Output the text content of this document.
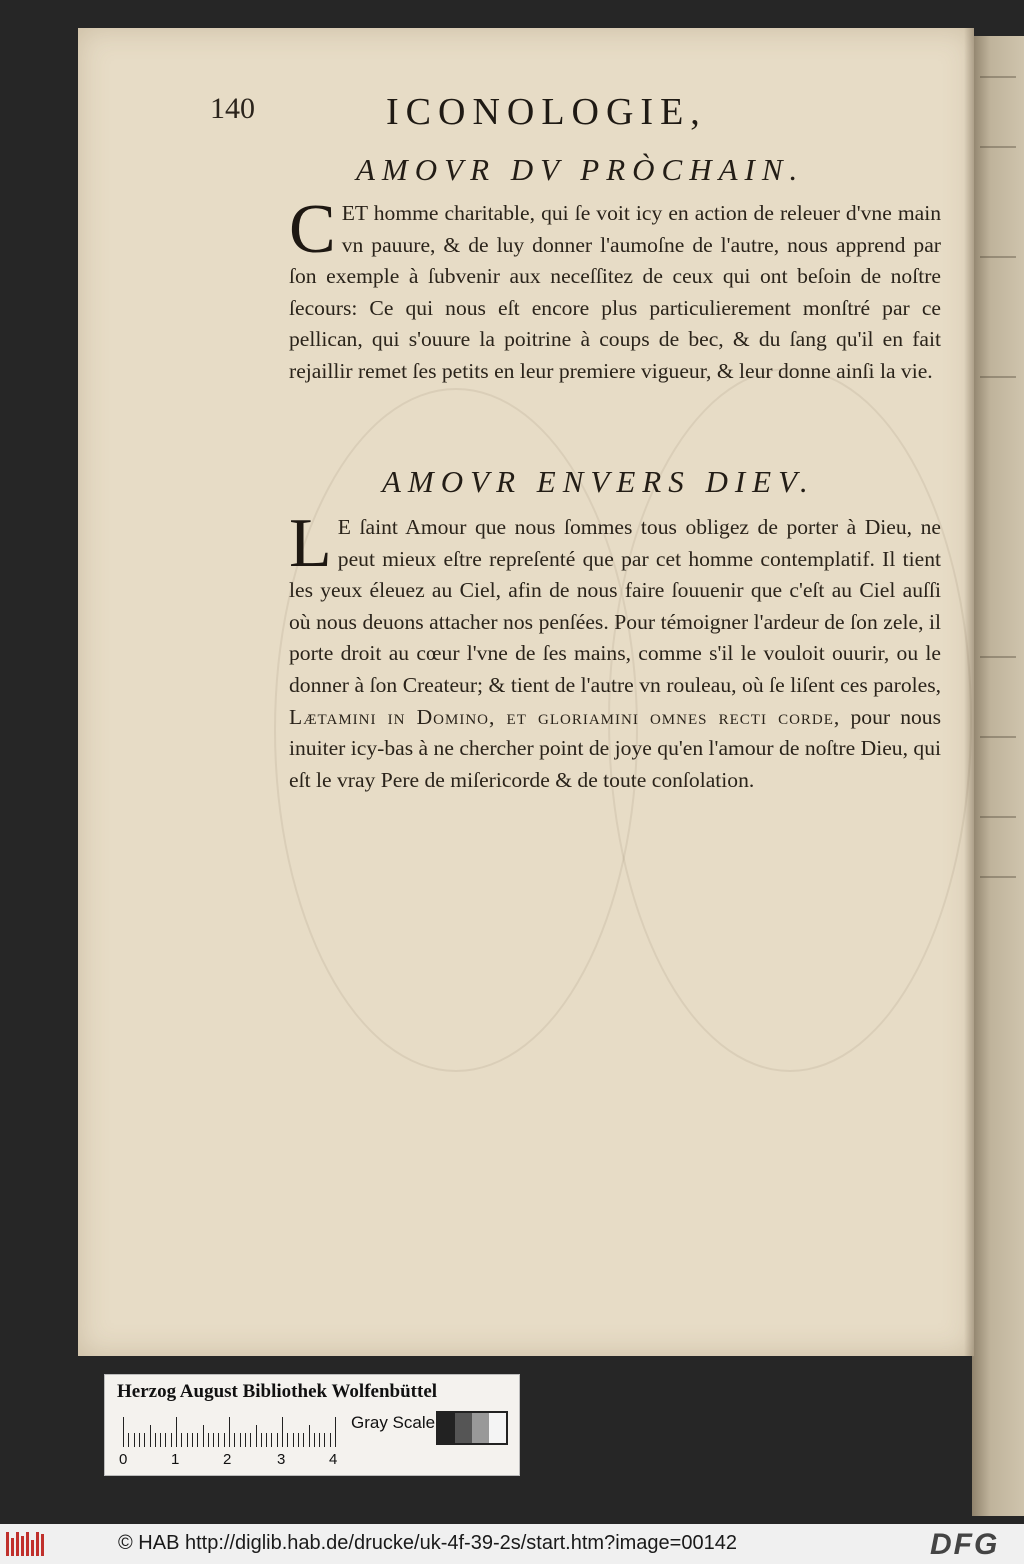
140	ICONOLOGIE,
AMOVR DV PRÒCHAIN.

C ET homme charitable, qui ſe voit icy en action de releuer d'vne main vn pauure, & de luy donner l'aumoſne de l'autre, nous apprend par ſon exemple à ſubvenir aux neceſſitez de ceux qui ont beſoin de noſtre ſecours: Ce qui nous eſt encore plus particulierement monſtré par ce pellican, qui s'ouure la poitrine à coups de bec, & du ſang qu'il en fait rejaillir remet ſes petits en leur premiere vigueur, & leur donne ainſi la vie.

AMOVR ENVERS DIEV.

L E ſaint Amour que nous ſommes tous obligez de porter à Dieu, ne peut mieux eſtre repreſenté que par cet homme contemplatif. Il tient les yeux éleuez au Ciel, afin de nous faire ſouuenir que c'eſt au Ciel auſſi où nous deuons attacher nos penſées. Pour témoigner l'ardeur de ſon zele, il porte droit au cœur l'vne de ſes mains, comme s'il le vouloit ouurir, ou le donner à ſon Createur; & tient de l'autre vn rouleau, où ſe liſent ces paroles, Lætamini in Domino, et gloriamini omnes recti corde, pour nous inuiter icy-bas à ne chercher point de joye qu'en l'amour de noſtre Dieu, qui eſt le vray Pere de miſericorde & de toute conſolation.

Herzog August Bibliothek Wolfenbüttel
0	1	2	3	4
Gray Scale
© HAB http://diglib.hab.de/drucke/uk-4f-39-2s/start.htm?image=00142	DFG
